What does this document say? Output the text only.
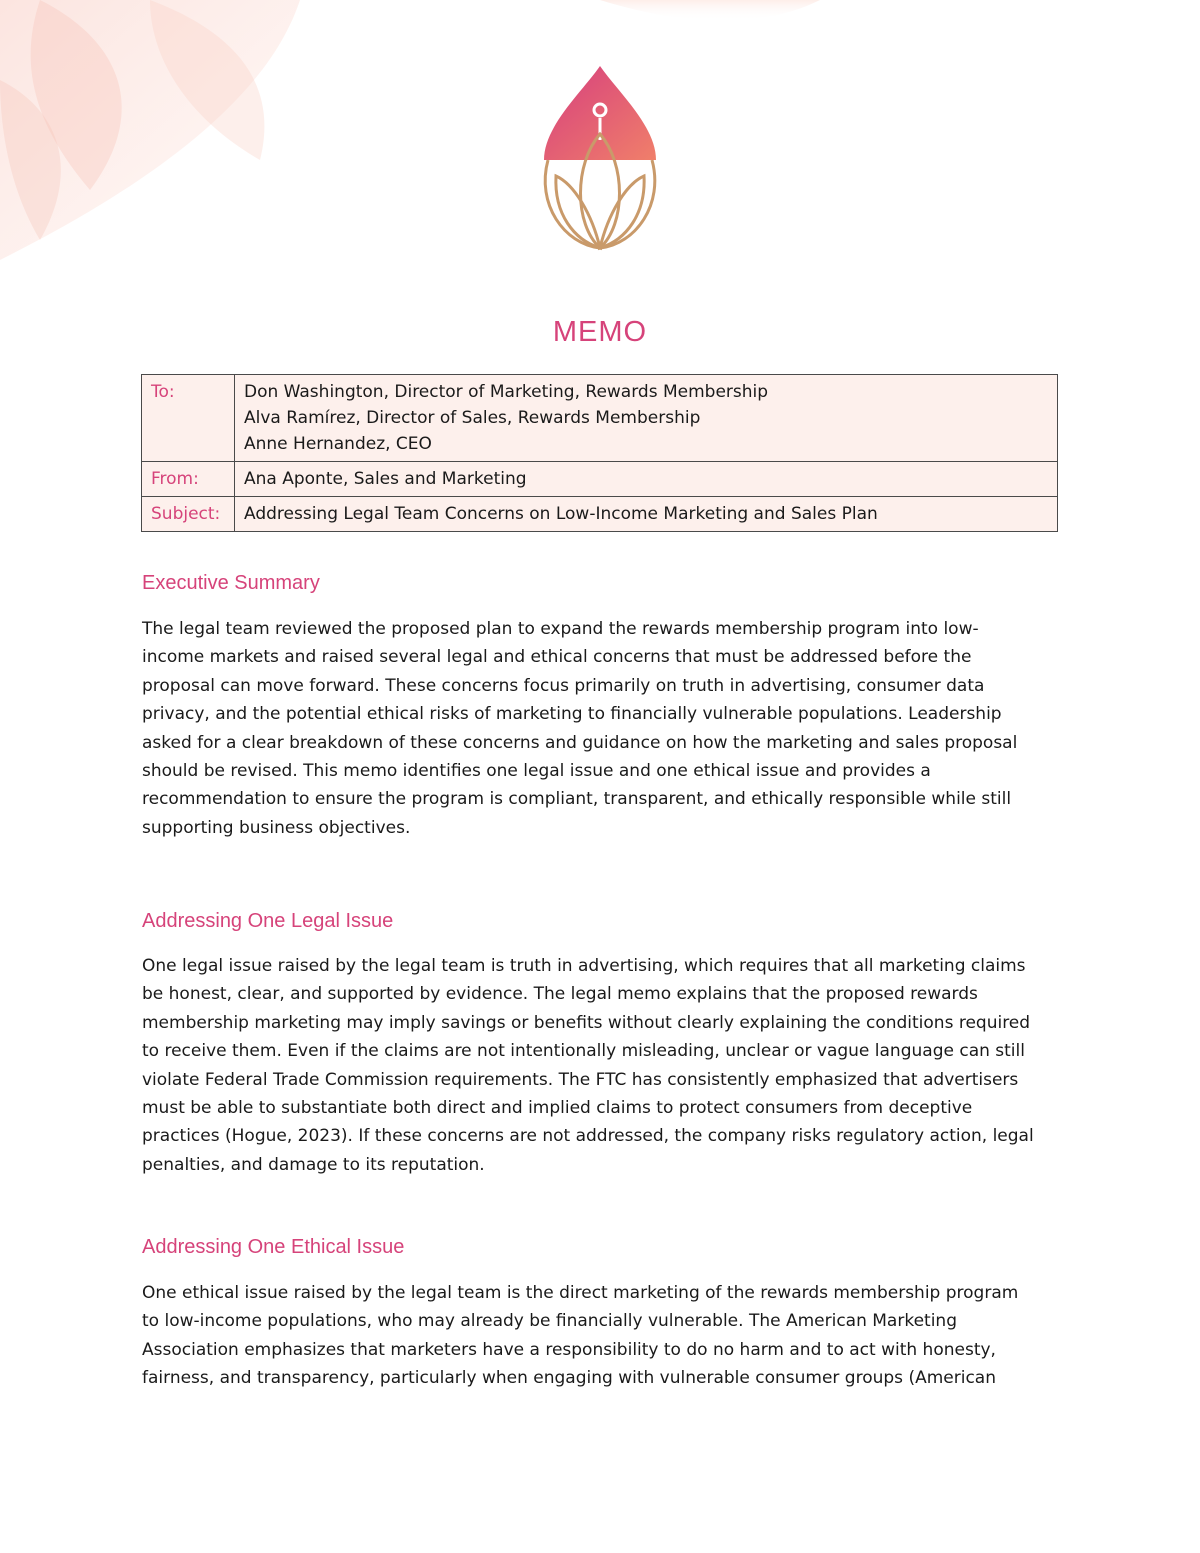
MEMO
To:	Don Washington, Director of Marketing, Rewards Membership
Alva Ramírez, Director of Sales, Rewards Membership
Anne Hernandez, CEO

From:	Ana Aponte, Sales and Marketing
Subject:	Addressing Legal Team Concerns on Low-Income Marketing and Sales Plan
Executive Summary
The legal team reviewed the proposed plan to expand the rewards membership program into low-
income markets and raised several legal and ethical concerns that must be addressed before the
proposal can move forward. These concerns focus primarily on truth in advertising, consumer data
privacy, and the potential ethical risks of marketing to financially vulnerable populations. Leadership
asked for a clear breakdown of these concerns and guidance on how the marketing and sales proposal
should be revised. This memo identifies one legal issue and one ethical issue and provides a
recommendation to ensure the program is compliant, transparent, and ethically responsible while still
supporting business objectives.
Addressing One Legal Issue
One legal issue raised by the legal team is truth in advertising, which requires that all marketing claims
be honest, clear, and supported by evidence. The legal memo explains that the proposed rewards
membership marketing may imply savings or benefits without clearly explaining the conditions required
to receive them. Even if the claims are not intentionally misleading, unclear or vague language can still
violate Federal Trade Commission requirements. The FTC has consistently emphasized that advertisers
must be able to substantiate both direct and implied claims to protect consumers from deceptive
practices (Hogue, 2023). If these concerns are not addressed, the company risks regulatory action, legal
penalties, and damage to its reputation.
Addressing One Ethical Issue
One ethical issue raised by the legal team is the direct marketing of the rewards membership program
to low-income populations, who may already be financially vulnerable. The American Marketing
Association emphasizes that marketers have a responsibility to do no harm and to act with honesty,
fairness, and transparency, particularly when engaging with vulnerable consumer groups (American
